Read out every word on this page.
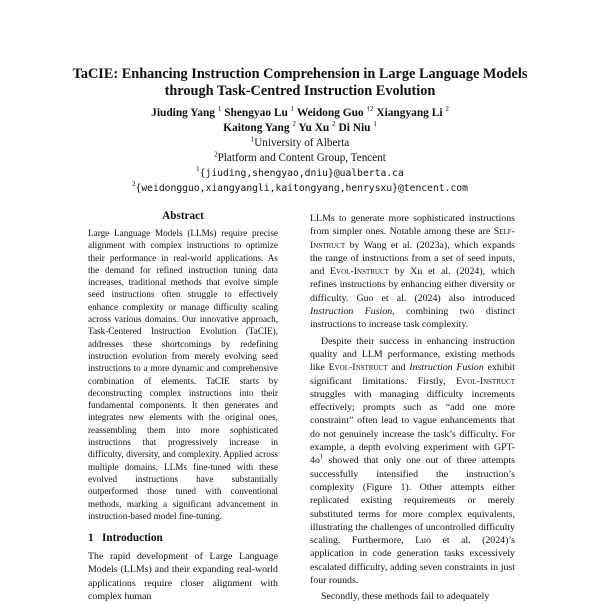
TaCIE: Enhancing Instruction Comprehension in Large Language Models
through Task-Centred Instruction Evolution
Jiuding Yang $^1$ Shengyao Lu $^1$ Weidong Guo $^{\dagger 2}$ Xiangyang Li $^2$
Kaitong Yang $^2$ Yu Xu $^2$ Di Niu $^1$
$^1$University of Alberta
$^2$Platform and Content Group, Tencent
$^1${jiuding,shengyao,dniu}@ualberta.ca
$^2${weidongguo,xiangyangli,kaitongyang,henrysxu}@tencent.com
Abstract

Large Language Models (LLMs) require precise alignment with complex instructions to optimize their performance in real-world applications. As the demand for refined instruction tuning data increases, traditional methods that evolve simple seed instructions often struggle to effectively enhance complexity or manage difficulty scaling across various domains. Our innovative approach, Task-Centered Instruction Evolution (TaCIE), addresses these shortcomings by redefining instruction evolution from merely evolving seed instructions to a more dynamic and comprehensive combination of elements. TaCIE starts by deconstructing complex instructions into their fundamental components. It then generates and integrates new elements with the original ones, reassembling them into more sophisticated instructions that progressively increase in difficulty, diversity, and complexity. Applied across multiple domains, LLMs fine-tuned with these evolved instructions have substantially outperformed those tuned with conventional methods, marking a significant advancement in instruction-based model fine-tuning.

1 Introduction

The rapid development of Large Language Models (LLMs) and their expanding real-world applications require closer alignment with complex human

LLMs to generate more sophisticated instructions from simpler ones. Notable among these are Self-Instruct by Wang et al. (2023a), which expands the range of instructions from a set of seed inputs, and Evol-Instruct by Xu et al. (2024), which refines instructions by enhancing either diversity or difficulty. Guo et al. (2024) also introduced Instruction Fusion, combining two distinct instructions to increase task complexity.

Despite their success in enhancing instruction quality and LLM performance, existing methods like Evol-Instruct and Instruction Fusion exhibit significant limitations. Firstly, Evol-Instruct struggles with managing difficulty increments effectively; prompts such as “add one more constraint” often lead to vague enhancements that do not genuinely increase the task’s difficulty. For example, a depth evolving experiment with GPT-$4o^1$ showed that only one out of three attempts successfully intensified the instruction’s complexity (Figure 1). Other attempts either replicated existing requirements or merely substituted terms for more complex equivalents, illustrating the challenges of uncontrolled difficulty scaling. Furthermore, Luo et al. (2024)’s application in code generation tasks excessively escalated difficulty, adding seven constraints in just four rounds.

Secondly, these methods fail to adequately
